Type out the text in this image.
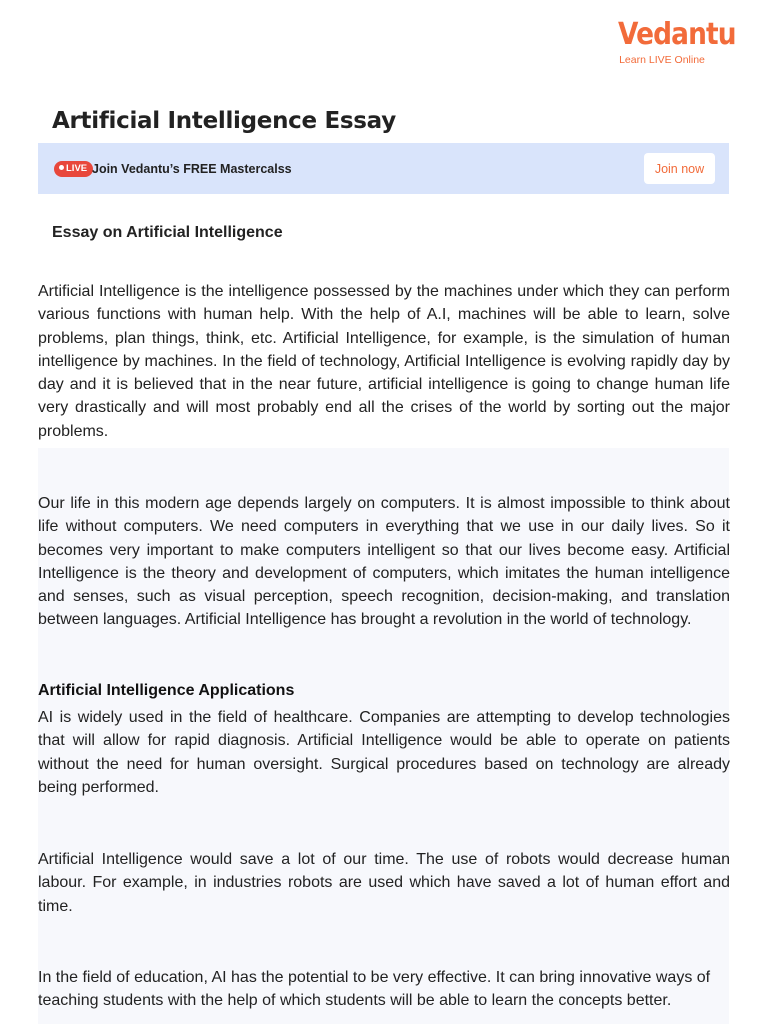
Vedantu
Learn LIVE Online
Artificial Intelligence Essay
LIVE Join Vedantu’s FREE Mastercalss	Join now
Essay on Artificial Intelligence

Artificial Intelligence is the intelligence possessed by the machines under which they can perform various functions with human help. With the help of A.I, machines will be able to learn, solve problems, plan things, think, etc. Artificial Intelligence, for example, is the simulation of human intelligence by machines. In the field of technology, Artificial Intelligence is evolving rapidly day by day and it is believed that in the near future, artificial intelligence is going to change human life very drastically and will most probably end all the crises of the world by sorting out the major problems.

Our life in this modern age depends largely on computers. It is almost impossible to think about life without computers. We need computers in everything that we use in our daily lives. So it becomes very important to make computers intelligent so that our lives become easy. Artificial Intelligence is the theory and development of computers, which imitates the human intelligence and senses, such as visual perception, speech recognition, decision-making, and translation between languages. Artificial Intelligence has brought a revolution in the world of technology.

Artificial Intelligence Applications

AI is widely used in the field of healthcare. Companies are attempting to develop technologies that will allow for rapid diagnosis. Artificial Intelligence would be able to operate on patients without the need for human oversight. Surgical procedures based on technology are already being performed.

Artificial Intelligence would save a lot of our time. The use of robots would decrease human labour. For example, in industries robots are used which have saved a lot of human effort and time.

In the field of education, AI has the potential to be very effective. It can bring innovative ways of teaching students with the help of which students will be able to learn the concepts better.
